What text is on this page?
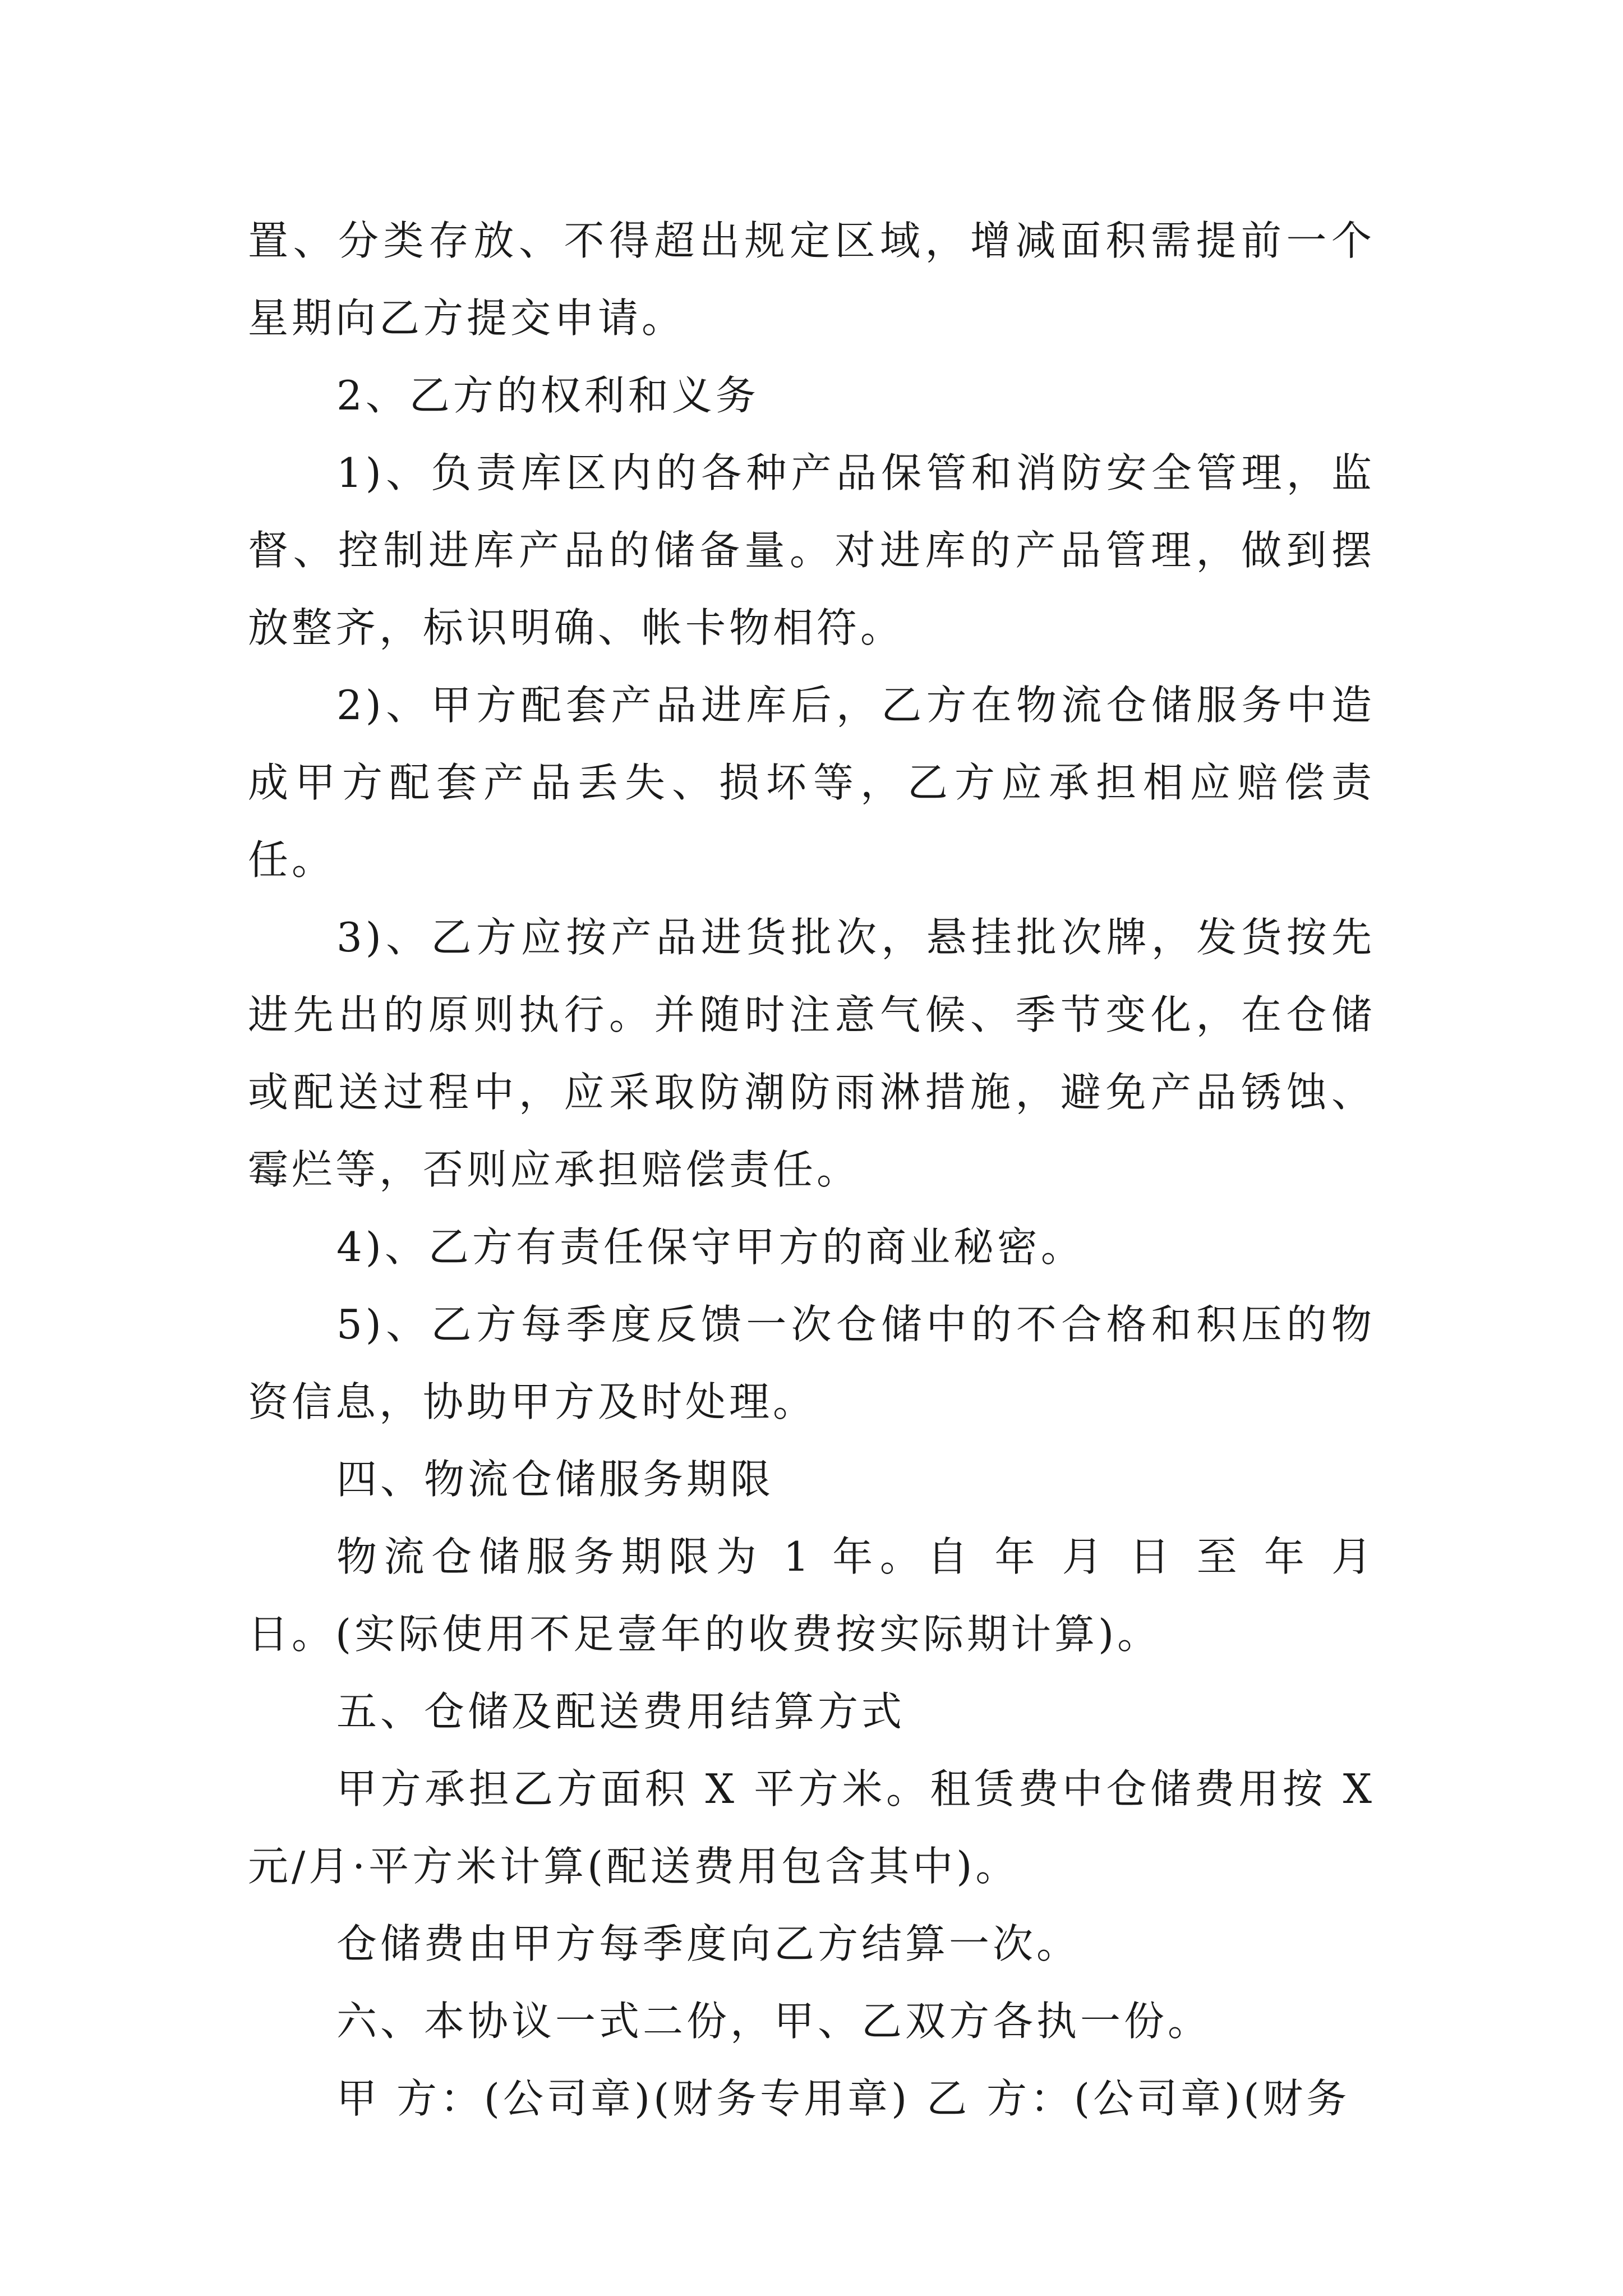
置、分类存放、不得超出规定区域，增减面积需提前一个星期向乙方提交申请。

2、乙方的权利和义务

1)、负责库区内的各种产品保管和消防安全管理，监督、控制进库产品的储备量。对进库的产品管理，做到摆放整齐，标识明确、帐卡物相符。

2)、甲方配套产品进库后，乙方在物流仓储服务中造成甲方配套产品丢失、损坏等，乙方应承担相应赔偿责任。

3)、乙方应按产品进货批次，悬挂批次牌，发货按先进先出的原则执行。并随时注意气候、季节变化，在仓储或配送过程中，应采取防潮防雨淋措施，避免产品锈蚀、霉烂等，否则应承担赔偿责任。

4)、乙方有责任保守甲方的商业秘密。

5)、乙方每季度反馈一次仓储中的不合格和积压的物资信息，协助甲方及时处理。

四、物流仓储服务期限

物流仓储服务期限为 1 年。自 年 月 日 至 年 月 日。(实际使用不足壹年的收费按实际期计算)。

五、仓储及配送费用结算方式

甲方承担乙方面积 X 平方米。租赁费中仓储费用按 X 元/月·平方米计算(配送费用包含其中)。

仓储费由甲方每季度向乙方结算一次。

六、本协议一式二份，甲、乙双方各执一份。

甲 方：(公司章)(财务专用章) 乙 方：(公司章)(财务
